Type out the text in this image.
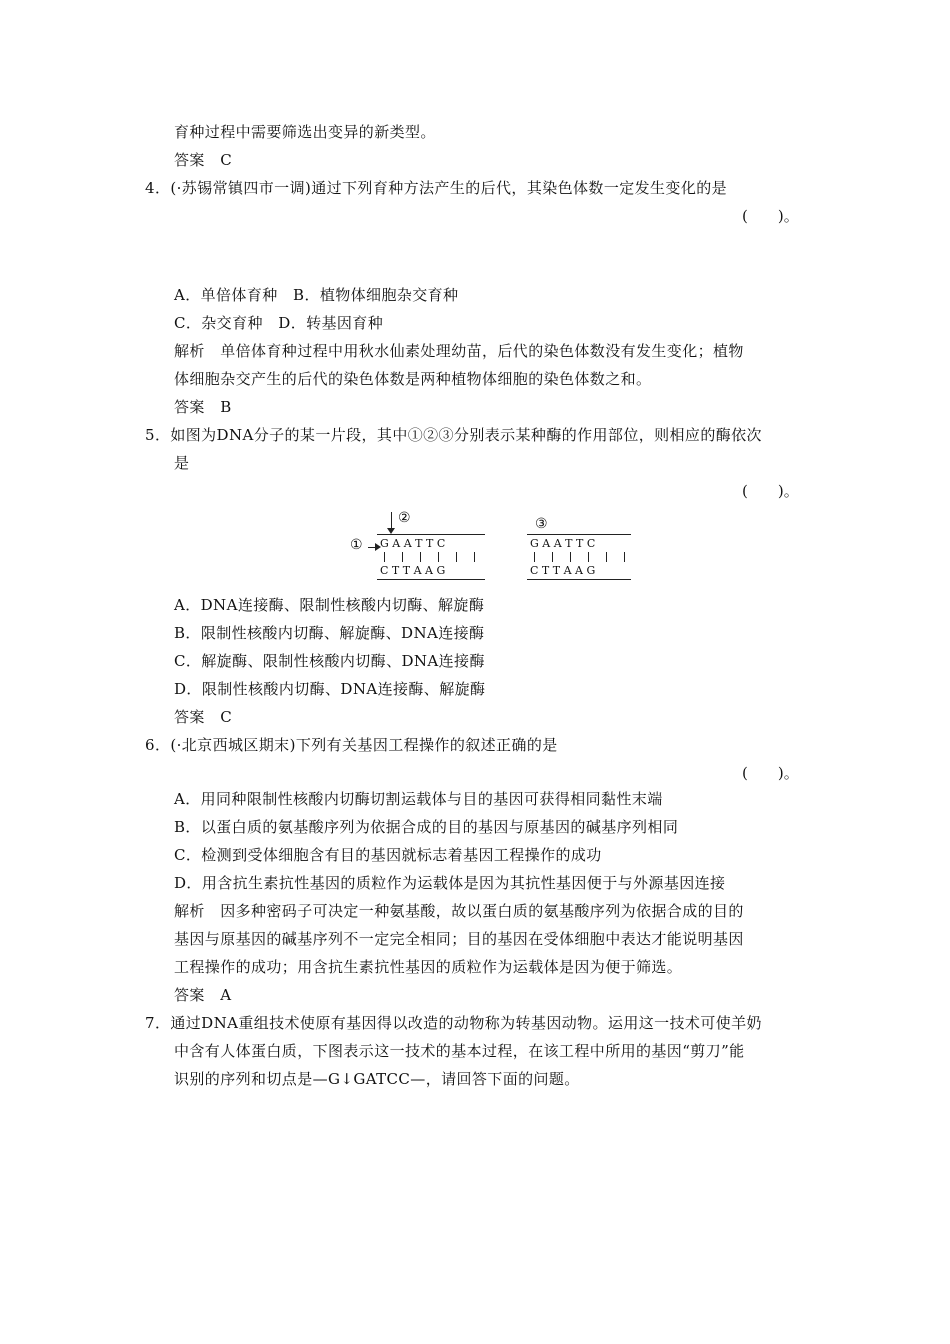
育种过程中需要筛选出变异的新类型。
答案　C
4．(·苏锡常镇四市一调)通过下列育种方法产生的后代，其染色体数一定发生变化的是
(　　)。
A．单倍体育种　B．植物体细胞杂交育种
C．杂交育种　D．转基因育种
解析　单倍体育种过程中用秋水仙素处理幼苗，后代的染色体数没有发生变化；植物
体细胞杂交产生的后代的染色体数是两种植物体细胞的染色体数之和。
答案　B
5．如图为DNA分子的某一片段，其中①②③分别表示某种酶的作用部位，则相应的酶依次
是
(　　)。
②
① G A A T T C
C T T A A G
③
G A A T T C
C T T A A G
A．DNA连接酶、限制性核酸内切酶、解旋酶
B．限制性核酸内切酶、解旋酶、DNA连接酶
C．解旋酶、限制性核酸内切酶、DNA连接酶
D．限制性核酸内切酶、DNA连接酶、解旋酶
答案　C
6．(·北京西城区期末)下列有关基因工程操作的叙述正确的是
(　　)。
A．用同种限制性核酸内切酶切割运载体与目的基因可获得相同黏性末端
B．以蛋白质的氨基酸序列为依据合成的目的基因与原基因的碱基序列相同
C．检测到受体细胞含有目的基因就标志着基因工程操作的成功
D．用含抗生素抗性基因的质粒作为运载体是因为其抗性基因便于与外源基因连接
解析　因多种密码子可决定一种氨基酸，故以蛋白质的氨基酸序列为依据合成的目的
基因与原基因的碱基序列不一定完全相同；目的基因在受体细胞中表达才能说明基因
工程操作的成功；用含抗生素抗性基因的质粒作为运载体是因为便于筛选。
答案　A
7．通过DNA重组技术使原有基因得以改造的动物称为转基因动物。运用这一技术可使羊奶
中含有人体蛋白质，下图表示这一技术的基本过程，在该工程中所用的基因“剪刀”能
识别的序列和切点是—G↓GATCC—，请回答下面的问题。
